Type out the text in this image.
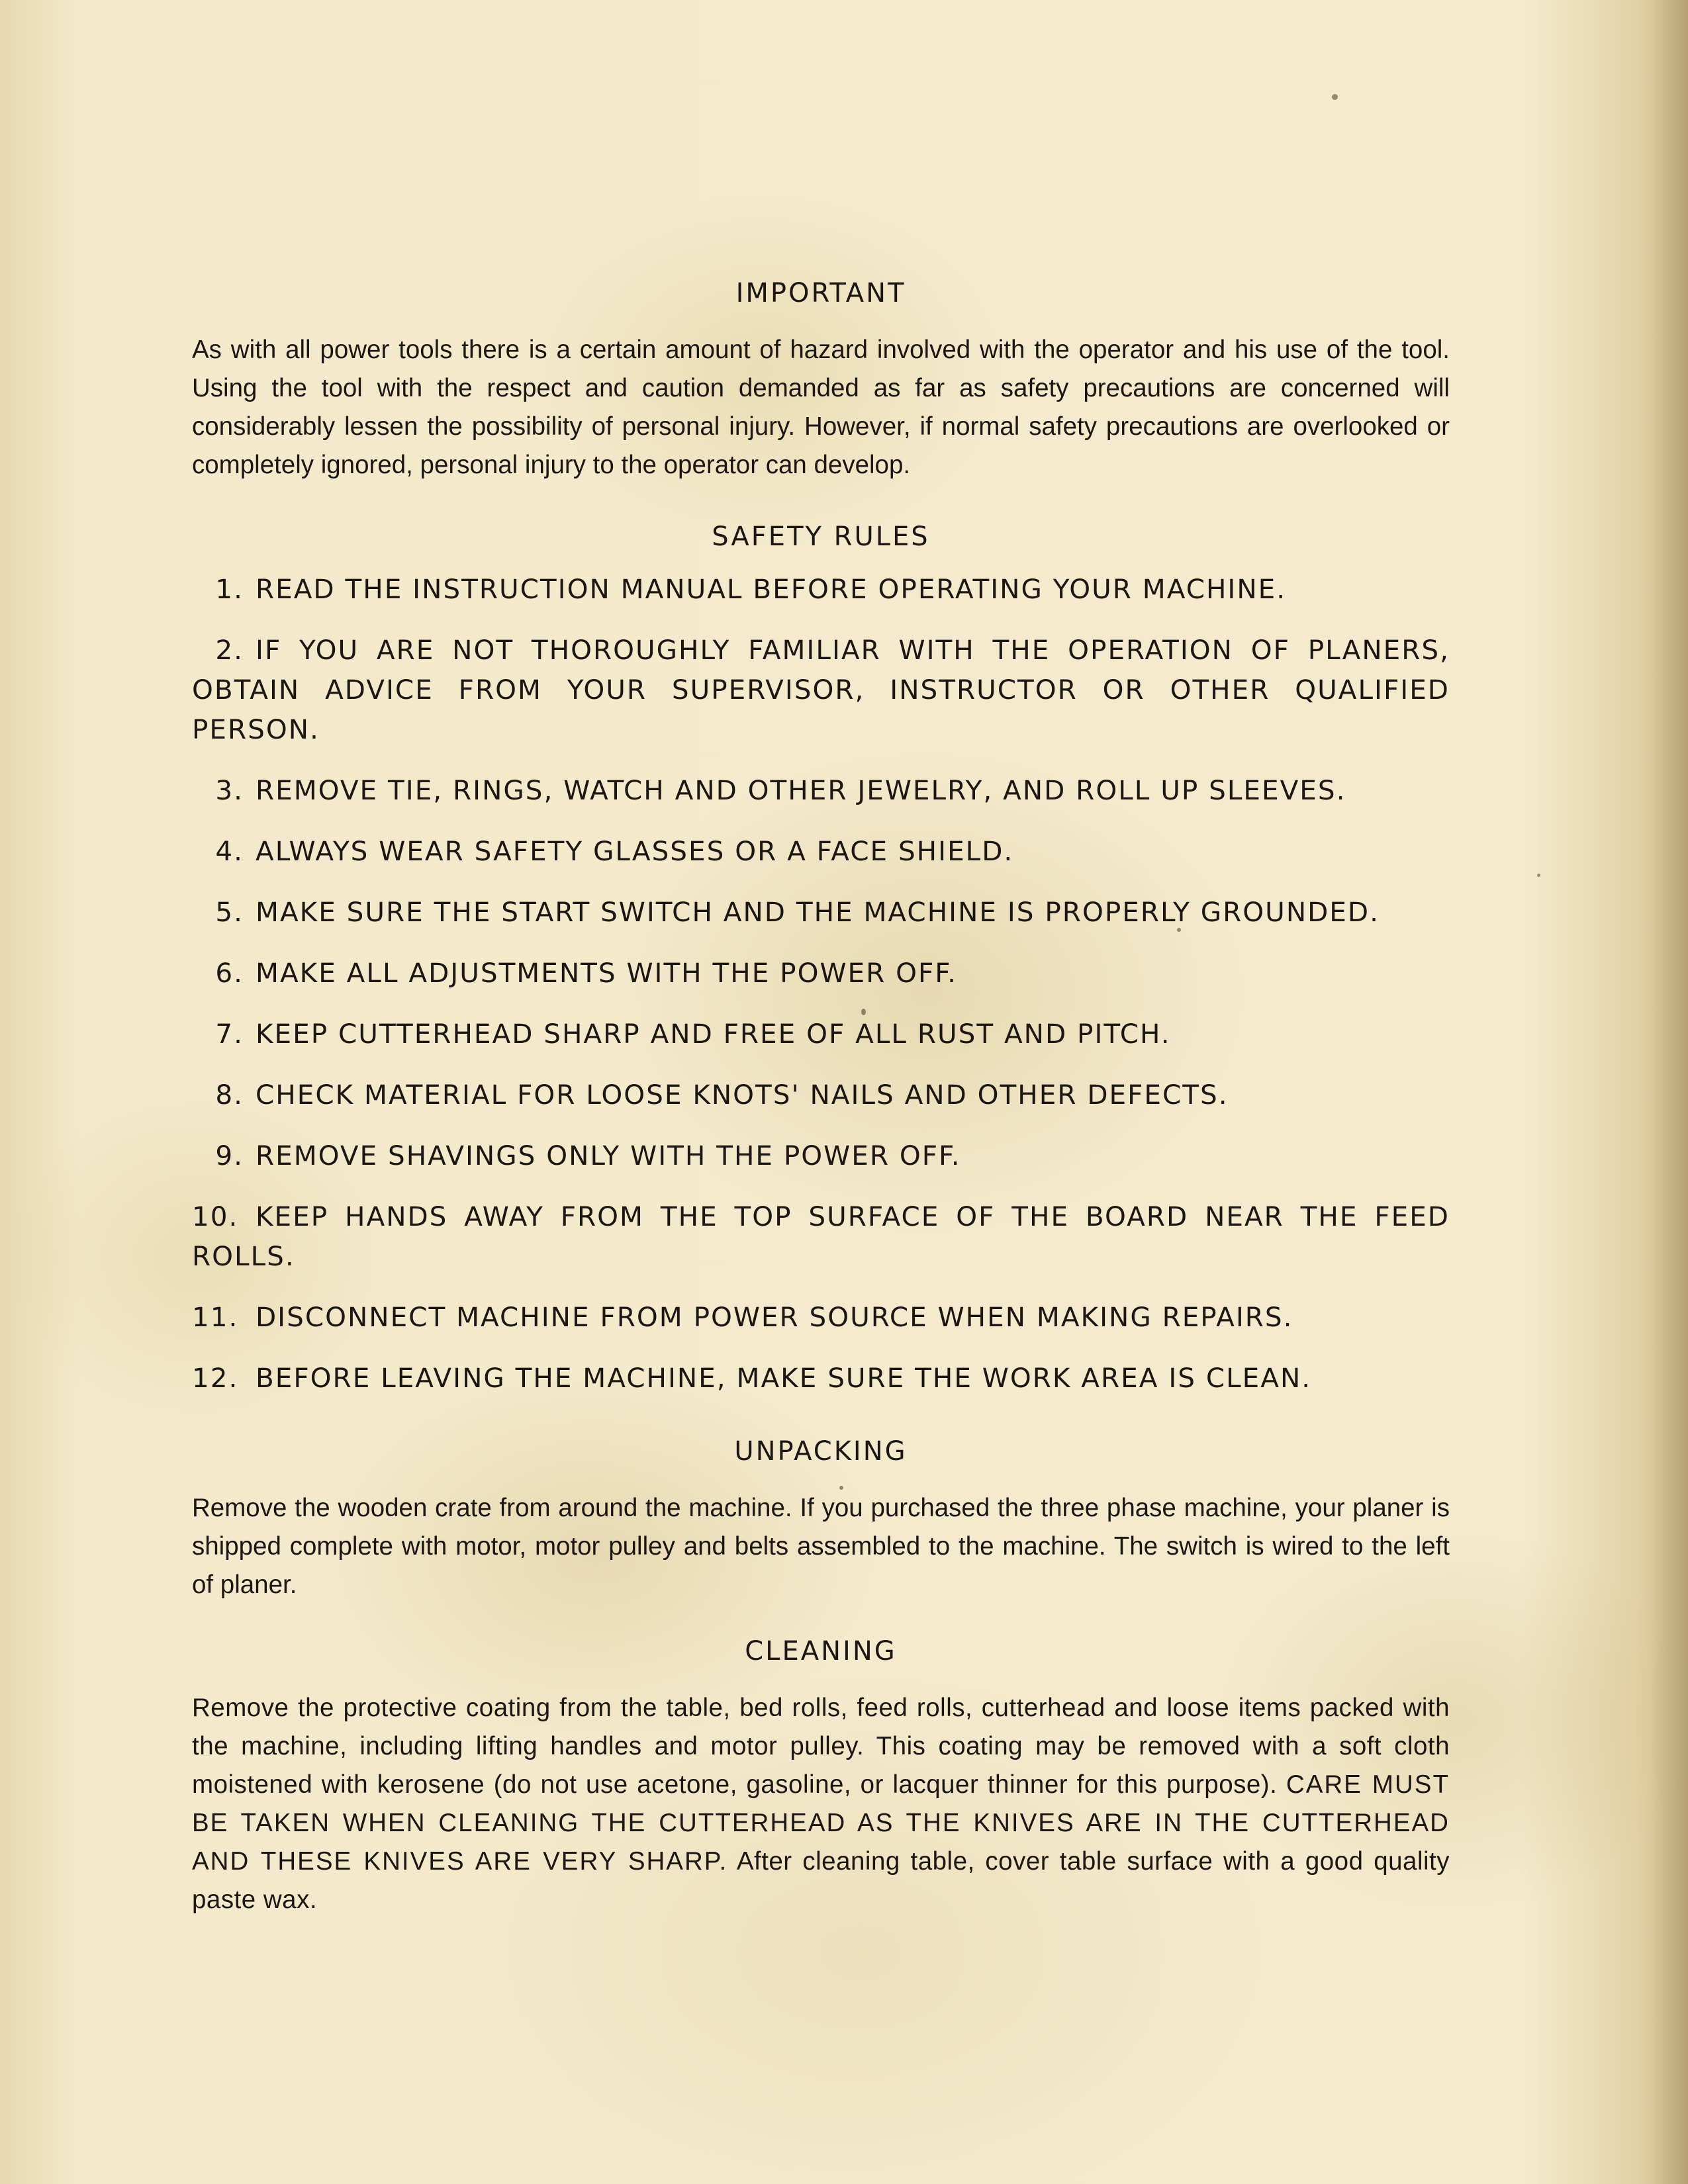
IMPORTANT

As with all power tools there is a certain amount of hazard involved with the operator and his use of the tool. Using the tool with the respect and caution demanded as far as safety precautions are concerned will considerably lessen the possibility of personal injury. However, if normal safety precautions are overlooked or completely ignored, personal injury to the operator can develop.

SAFETY RULES
1. READ THE INSTRUCTION MANUAL BEFORE OPERATING YOUR MACHINE.
2. IF YOU ARE NOT THOROUGHLY FAMILIAR WITH THE OPERATION OF PLANERS, OBTAIN ADVICE FROM YOUR SUPERVISOR, INSTRUCTOR OR OTHER QUALIFIED PERSON.
3. REMOVE TIE, RINGS, WATCH AND OTHER JEWELRY, AND ROLL UP SLEEVES.
4. ALWAYS WEAR SAFETY GLASSES OR A FACE SHIELD.
5. MAKE SURE THE START SWITCH AND THE MACHINE IS PROPERLY GROUNDED.
6. MAKE ALL ADJUSTMENTS WITH THE POWER OFF.
7. KEEP CUTTERHEAD SHARP AND FREE OF ALL RUST AND PITCH.
8. CHECK MATERIAL FOR LOOSE KNOTS' NAILS AND OTHER DEFECTS.
9. REMOVE SHAVINGS ONLY WITH THE POWER OFF.
10. KEEP HANDS AWAY FROM THE TOP SURFACE OF THE BOARD NEAR THE FEED ROLLS.
11. DISCONNECT MACHINE FROM POWER SOURCE WHEN MAKING REPAIRS.
12. BEFORE LEAVING THE MACHINE, MAKE SURE THE WORK AREA IS CLEAN.
UNPACKING

Remove the wooden crate from around the machine. If you purchased the three phase machine, your planer is shipped complete with motor, motor pulley and belts assembled to the machine. The switch is wired to the left of planer.

CLEANING

Remove the protective coating from the table, bed rolls, feed rolls, cutterhead and loose items packed with the machine, including lifting handles and motor pulley. This coating may be removed with a soft cloth moistened with kerosene (do not use acetone, gasoline, or lacquer thinner for this purpose). CARE MUST BE TAKEN WHEN CLEANING THE CUTTERHEAD AS THE KNIVES ARE IN THE CUTTERHEAD AND THESE KNIVES ARE VERY SHARP. After cleaning table, cover table surface with a good quality paste wax.
